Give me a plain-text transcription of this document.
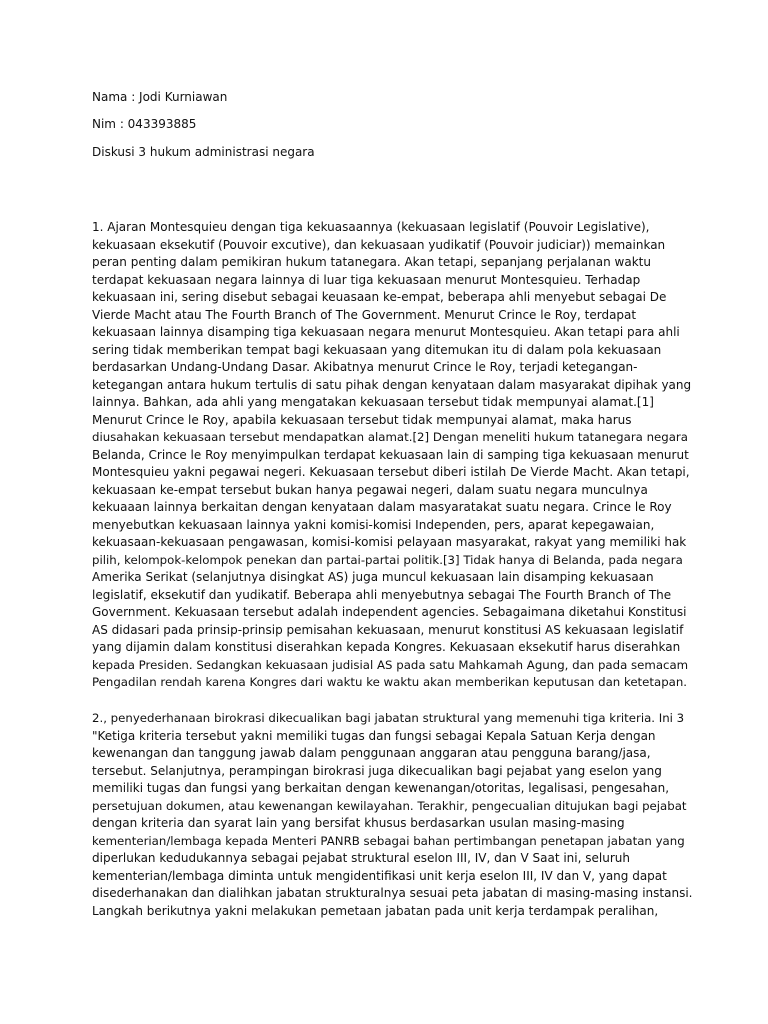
Nama : Jodi Kurniawan
Nim : 043393885
Diskusi 3 hukum administrasi negara
1. Ajaran Montesquieu dengan tiga kekuasaannya (kekuasaan legislatif (Pouvoir Legislative),
kekuasaan eksekutif (Pouvoir excutive), dan kekuasaan yudikatif (Pouvoir judiciar)) memainkan
peran penting dalam pemikiran hukum tatanegara. Akan tetapi, sepanjang perjalanan waktu
terdapat kekuasaan negara lainnya di luar tiga kekuasaan menurut Montesquieu. Terhadap
kekuasaan ini, sering disebut sebagai keuasaan ke-empat, beberapa ahli menyebut sebagai De
Vierde Macht atau The Fourth Branch of The Government. Menurut Crince le Roy, terdapat
kekuasaan lainnya disamping tiga kekuasaan negara menurut Montesquieu. Akan tetapi para ahli
sering tidak memberikan tempat bagi kekuasaan yang ditemukan itu di dalam pola kekuasaan
berdasarkan Undang-Undang Dasar. Akibatnya menurut Crince le Roy, terjadi ketegangan-
ketegangan antara hukum tertulis di satu pihak dengan kenyataan dalam masyarakat dipihak yang
lainnya. Bahkan, ada ahli yang mengatakan kekuasaan tersebut tidak mempunyai alamat.[1]
Menurut Crince le Roy, apabila kekuasaan tersebut tidak mempunyai alamat, maka harus
diusahakan kekuasaan tersebut mendapatkan alamat.[2] Dengan meneliti hukum tatanegara negara
Belanda, Crince le Roy menyimpulkan terdapat kekuasaan lain di samping tiga kekuasaan menurut
Montesquieu yakni pegawai negeri. Kekuasaan tersebut diberi istilah De Vierde Macht. Akan tetapi,
kekuasaan ke-empat tersebut bukan hanya pegawai negeri, dalam suatu negara munculnya
kekuaaan lainnya berkaitan dengan kenyataan dalam masyaratakat suatu negara. Crince le Roy
menyebutkan kekuasaan lainnya yakni komisi-komisi Independen, pers, aparat kepegawaian,
kekuasaan-kekuasaan pengawasan, komisi-komisi pelayaan masyarakat, rakyat yang memiliki hak
pilih, kelompok-kelompok penekan dan partai-partai politik.[3] Tidak hanya di Belanda, pada negara
Amerika Serikat (selanjutnya disingkat AS) juga muncul kekuasaan lain disamping kekuasaan
legislatif, eksekutif dan yudikatif. Beberapa ahli menyebutnya sebagai The Fourth Branch of The
Government. Kekuasaan tersebut adalah independent agencies. Sebagaimana diketahui Konstitusi
AS didasari pada prinsip-prinsip pemisahan kekuasaan, menurut konstitusi AS kekuasaan legislatif
yang dijamin dalam konstitusi diserahkan kepada Kongres. Kekuasaan eksekutif harus diserahkan
kepada Presiden. Sedangkan kekuasaan judisial AS pada satu Mahkamah Agung, dan pada semacam
Pengadilan rendah karena Kongres dari waktu ke waktu akan memberikan keputusan dan ketetapan.
2., penyederhanaan birokrasi dikecualikan bagi jabatan struktural yang memenuhi tiga kriteria. Ini 3
"Ketiga kriteria tersebut yakni memiliki tugas dan fungsi sebagai Kepala Satuan Kerja dengan
kewenangan dan tanggung jawab dalam penggunaan anggaran atau pengguna barang/jasa,
tersebut. Selanjutnya, perampingan birokrasi juga dikecualikan bagi pejabat yang eselon yang
memiliki tugas dan fungsi yang berkaitan dengan kewenangan/otoritas, legalisasi, pengesahan,
persetujuan dokumen, atau kewenangan kewilayahan. Terakhir, pengecualian ditujukan bagi pejabat
dengan kriteria dan syarat lain yang bersifat khusus berdasarkan usulan masing-masing
kementerian/lembaga kepada Menteri PANRB sebagai bahan pertimbangan penetapan jabatan yang
diperlukan kedudukannya sebagai pejabat struktural eselon III, IV, dan V Saat ini, seluruh
kementerian/lembaga diminta untuk mengidentifikasi unit kerja eselon III, IV dan V, yang dapat
disederhanakan dan dialihkan jabatan strukturalnya sesuai peta jabatan di masing-masing instansi.
Langkah berikutnya yakni melakukan pemetaan jabatan pada unit kerja terdampak peralihan,
